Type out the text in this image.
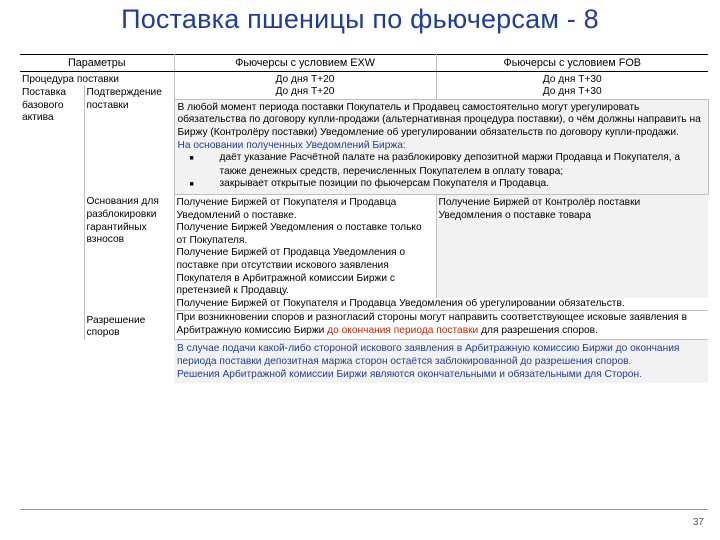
Поставка пшеницы по фьючерсам - 8
Параметры		Фьючерсы с условием EXW	Фьючерсы с условием FOB
Процедура поставки		До дня Т+20	До дня Т+30
Поставка базового актива	Подтверждение поставки	До дня Т+20	До дня Т+30

		В любой момент периода поставки Покупатель и Продавец самостоятельно могут урегулировать обязательства по договору купли-продажи (альтернативная процедура поставки), о чём должны направить на Биржу (Контролёру поставки) Уведомление об урегулировании обязательств по договору купли-продажи.
На основании полученных Уведомлений Биржа:
■ даёт указание Расчётной палате на разблокировку депозитной маржи Продавца и Покупателя, а также денежных средств, перечисленных Покупателем в оплату товара;
■ закрывает открытые позиции по фьючерсам Покупателя и Продавца.	

	Основания для разблокировки гарантийных взносов	Получение Биржей от Покупателя и Продавца Уведомлений о поставке.
Получение Биржей Уведомления о поставке только от Покупателя.
Получение Биржей от Продавца Уведомления о поставке при отсутствии искового заявления Покупателя в Арбитражной комиссии Биржи с претензией к Продавцу.	Получение Биржей от Контролёр поставки Уведомления о поставке товара

		Получение Биржей от Покупателя и Продавца Уведомления об урегулировании обязательств.	
	Разрешение споров	При возникновении споров и разногласий стороны могут направить соответствующее исковые заявления в Арбитражную комиссию Биржи до окончания периода поставки для разрешения споров.	

		В случае подачи какой-либо стороной искового заявления в Арбитражную комиссию Биржи до окончания периода поставки депозитная маржа сторон остаётся заблокированной до разрешения споров.
Решения Арбитражной комиссии Биржи являются окончательными и обязательными для Сторон.	
37
